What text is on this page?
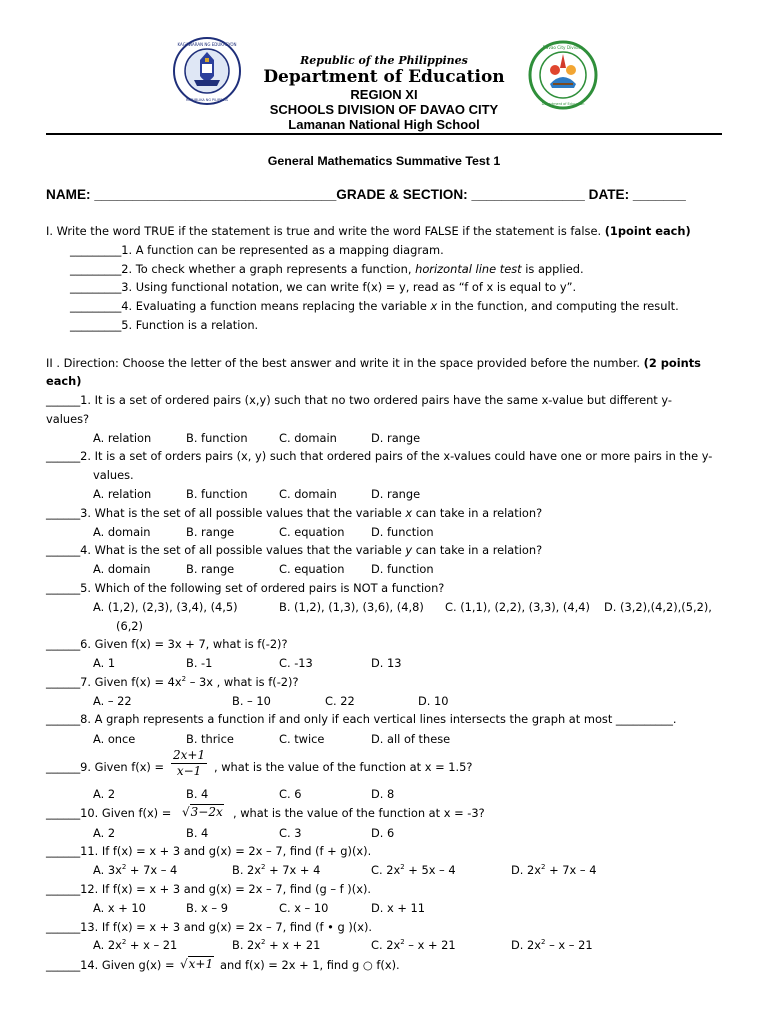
KAGAWARAN NG EDUKASYON
REPUBLIKA NG PILIPINAS
Davao City Division
Department of Education
Republic of the Philippines
Department of Education
REGION XI
SCHOOLS DIVISION OF DAVAO CITY
Lamanan National High School
General Mathematics Summative Test 1
NAME: ________________________________GRADE & SECTION: _______________ DATE: _______
I. Write the word TRUE if the statement is true and write the word FALSE if the statement is false. (1point each)
_________1. A function can be represented as a mapping diagram.
_________2. To check whether a graph represents a function, horizontal line test is applied.
_________3. Using functional notation, we can write f(x) = y, read as “f of x is equal to y”.
_________4. Evaluating a function means replacing the variable x in the function, and computing the result.
_________5. Function is a relation.
II . Direction: Choose the letter of the best answer and write it in the space provided before the number. (2 points
each)
______1. It is a set of ordered pairs (x,y) such that no two ordered pairs have the same x-value but different y-
values?
A. relation	B. function	C. domain	D. range
______2. It is a set of orders pairs (x, y) such that ordered pairs of the x-values could have one or more pairs in the y-
values.
A. relation	B. function	C. domain	D. range
______3. What is the set of all possible values that the variable x can take in a relation?
A. domain	B. range	C. equation D. function
______4. What is the set of all possible values that the variable y can take in a relation?
A. domain	B. range	C. equation D. function
______5. Which of the following set of ordered pairs is NOT a function?
A. (1,2), (2,3), (3,4), (4,5)	B. (1,2), (1,3), (3,6), (4,8) C. (1,1), (2,2), (3,3), (4,4) D. (3,2),(4,2),(5,2),
(6,2)
______6. Given f(x) = 3x + 7, what is f(-2)?
A. 1	B. -1	C. -13	D. 13
______7. Given $f(x) = 4x^2 - 3x$ , what is f(-2)?
A. – 22	B. – 10	C. 22	D. 10
______8. A graph represents a function if and only if each vertical lines intersects the graph at most __________.
A. once	B. thrice	C. twice	D. all of these
______9. Given $f(x) = \frac{2x+1}{x-1}$ , what is the value of the function at x = 1.5?
A. 2	B. 4	C. 6	D. 8
______10. Given f(x) = √3−2x , what is the value of the function at x = -3?
A. 2	B. 4	C. 3	D. 6
______11. If f(x) = x + 3 and g(x) = 2x – 7, find (f + g)(x).
A. $3x^2 + 7x - 4$	B. $2x^2 + 7x + 4$	C. $2x^2 + 5x - 4$	D. $2x^2 + 7x - 4$
______12. If f(x) = x + 3 and g(x) = 2x – 7, find (g – f )(x).
A. x + 10	B. x – 9	C. x – 10	D. x + 11
______13. If f(x) = x + 3 and g(x) = 2x – 7, find (f • g )(x).
A. $2x^2 + x - 21$	B. $2x^2 + x + 21$	C. $2x^2 - x + 21$	D. $2x^2$ – x – 21
______14. Given g(x) = √x+1 and f(x) = 2x + 1, find g ○ f(x).
